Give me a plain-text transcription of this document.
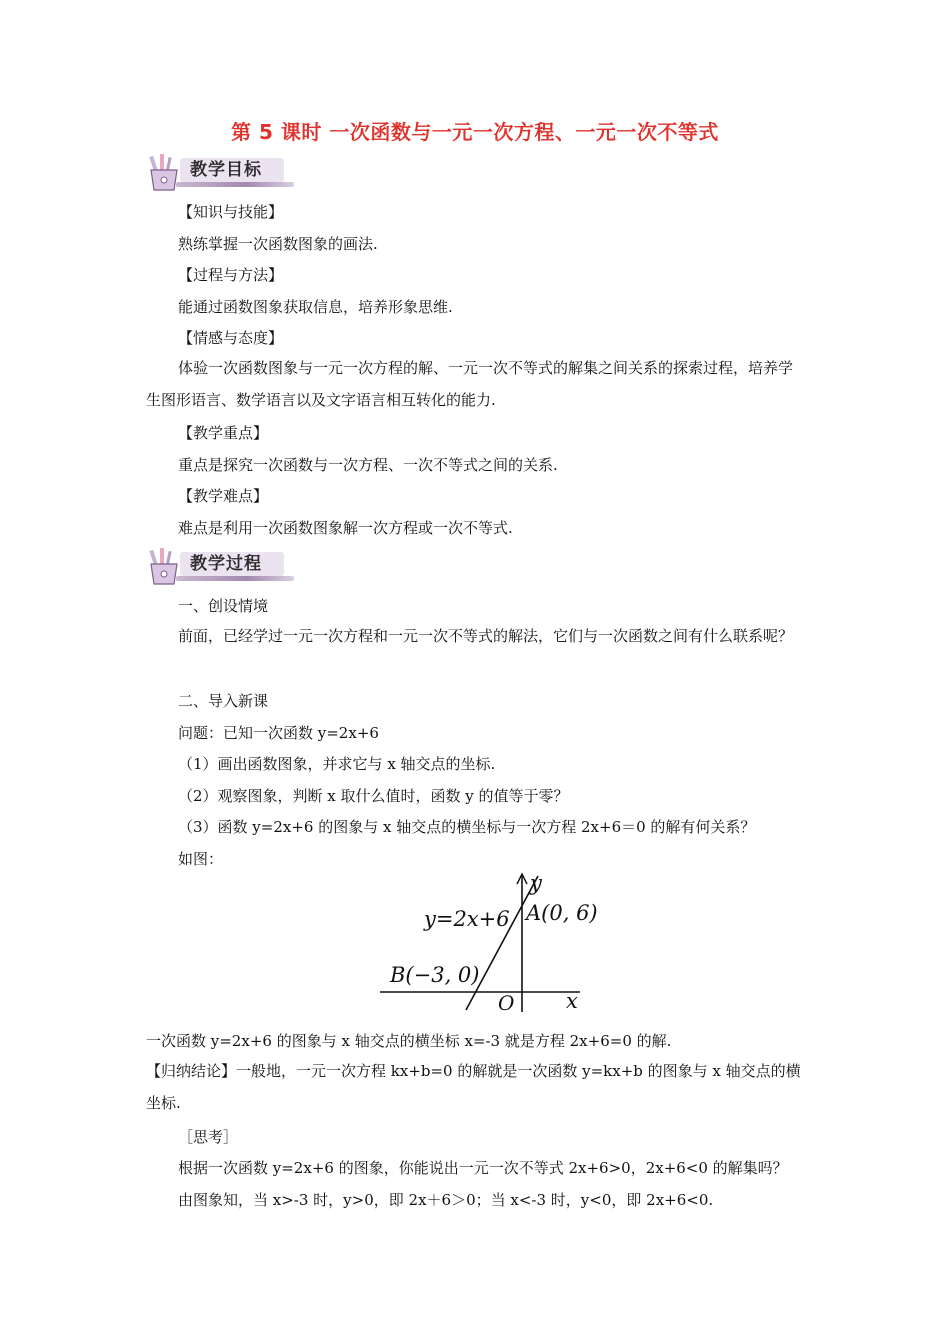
第 5 课时 一次函数与一元一次方程、一元一次不等式
教学目标
【知识与技能】
熟练掌握一次函数图象的画法.
【过程与方法】
能通过函数图象获取信息，培养形象思维.
【情感与态度】
体验一次函数图象与一元一次方程的解、一元一次不等式的解集之间关系的探索过程，培养学生图形语言、数学语言以及文字语言相互转化的能力.
【教学重点】
重点是探究一次函数与一次方程、一次不等式之间的关系.
【教学难点】
难点是利用一次函数图象解一次方程或一次不等式.
教学过程
一、创设情境
前面，已经学过一元一次方程和一元一次不等式的解法，它们与一次函数之间有什么联系呢？
二、导入新课
问题：已知一次函数 y=2x+6
（1）画出函数图象，并求它与 x 轴交点的坐标.
（2）观察图象，判断 x 取什么值时，函数 y 的值等于零？
（3）函数 y=2x+6 的图象与 x 轴交点的横坐标与一次方程 2x+6＝0 的解有何关系？
如图：
y=2x+6 A(0, 6)
B(−3, 0)
O x
y
一次函数 y=2x+6 的图象与 x 轴交点的横坐标 x=-3 就是方程 2x+6=0 的解.
【归纳结论】一般地，一元一次方程 kx+b=0 的解就是一次函数 y=kx+b 的图象与 x 轴交点的横坐标.
［思考］
根据一次函数 y=2x+6 的图象，你能说出一元一次不等式 2x+6>0，2x+6<0 的解集吗？
由图象知，当 x>-3 时，y>0，即 2x＋6＞0；当 x<-3 时，y<0，即 2x+6<0.
